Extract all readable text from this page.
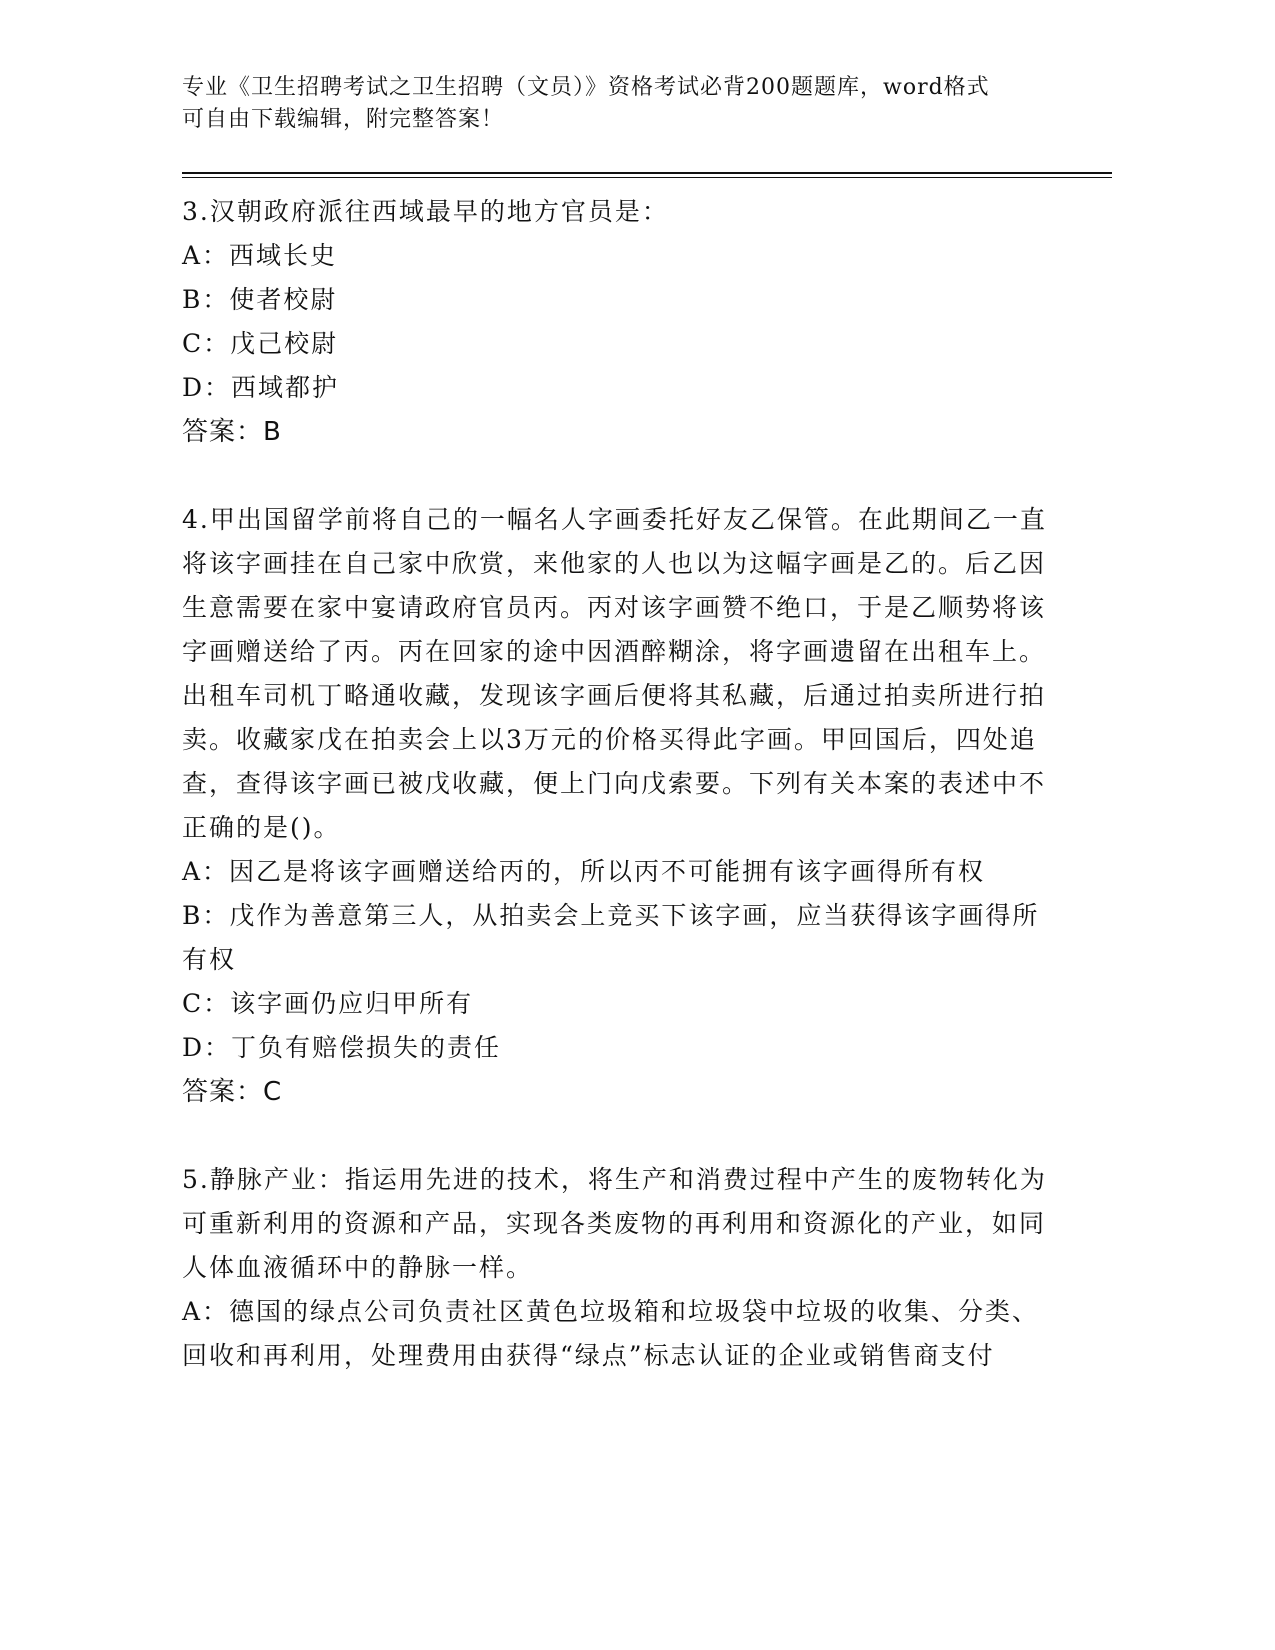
专业《卫生招聘考试之卫生招聘（文员）》资格考试必背200题题库，word格式
可自由下载编辑，附完整答案！

3.汉朝政府派往西域最早的地方官员是：

A：西域长史

B：使者校尉

C：戊己校尉

D：西域都护

答案：B

4.甲出国留学前将自己的一幅名人字画委托好友乙保管。在此期间乙一直将该字画挂在自己家中欣赏，来他家的人也以为这幅字画是乙的。后乙因生意需要在家中宴请政府官员丙。丙对该字画赞不绝口，于是乙顺势将该字画赠送给了丙。丙在回家的途中因酒醉糊涂，将字画遗留在出租车上。出租车司机丁略通收藏，发现该字画后便将其私藏，后通过拍卖所进行拍卖。收藏家戊在拍卖会上以3万元的价格买得此字画。甲回国后，四处追查，查得该字画已被戊收藏，便上门向戊索要。下列有关本案的表述中不正确的是()。

A：因乙是将该字画赠送给丙的，所以丙不可能拥有该字画得所有权

B：戊作为善意第三人，从拍卖会上竞买下该字画，应当获得该字画得所有权

C：该字画仍应归甲所有

D：丁负有赔偿损失的责任

答案：C

5.静脉产业：指运用先进的技术，将生产和消费过程中产生的废物转化为可重新利用的资源和产品，实现各类废物的再利用和资源化的产业，如同人体血液循环中的静脉一样。

A：德国的绿点公司负责社区黄色垃圾箱和垃圾袋中垃圾的收集、分类、回收和再利用，处理费用由获得“绿点”标志认证的企业或销售商支付
